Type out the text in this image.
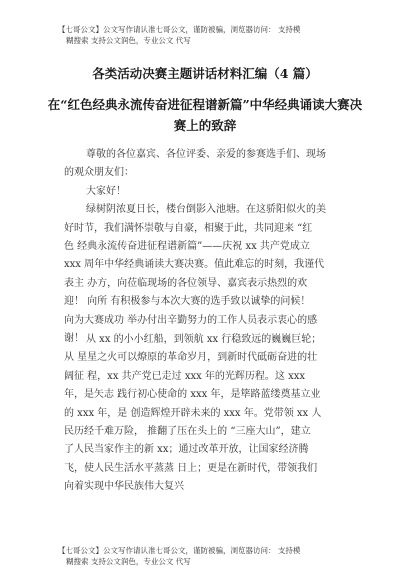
【七哥公文】公文写作请认准七哥公文，谨防被骗，浏览器访问： 支持模
糊搜索 支持公文润色，专业公文 代写
各类活动决赛主题讲话材料汇编（4 篇）
在“红色经典永流传奋进征程谱新篇”中华经典诵读大赛决
赛上的致辞
尊敬的各位嘉宾、各位评委、亲爱的参赛选手们、现场
的观众朋友们：
大家好！
绿树阴浓夏日长，楼台倒影入池塘。在这骄阳似火的美
好时节，我们满怀崇敬与自豪，相聚于此，共同迎来 “红
色 经典永流传奋进征程谱新篇”——庆祝 xx 共产党成立
xxx 周年中华经典诵读大赛决赛。值此难忘的时刻，我谨代
表主 办方，向莅临现场的各位领导、嘉宾表示热烈的欢
迎！ 向所 有积极参与本次大赛的选手致以诚挚的问候！
向为大赛成功 举办付出辛勤努力的工作人员表示衷心的感
谢！ 从 xx 的小小红船，到领航 xx 行稳致远的巍巍巨轮；
从 星星之火可以燎原的革命岁月，到新时代砥砺奋进的壮
阔征 程，xx 共产党已走过 xxx 年的光辉历程。这 xxx
年，是矢志 践行初心使命的 xxx 年，是筚路蓝缕奠基立业
的 xxx 年，是 创造辉煌开辟未来的 xxx 年。党带领 xx 人
民历经千难万险， 推翻了压在头上的 “三座大山”，建立
了人民当家作主的新 xx；通过改革开放，让国家经济腾
飞，使人民生活水平蒸蒸 日上；更是在新时代，带领我们
向着实现中华民族伟大复兴
【七哥公文】公文写作请认准七哥公文，谨防被骗，浏览器访问： 支持模
糊搜索 支持公文润色，专业公文 代写
